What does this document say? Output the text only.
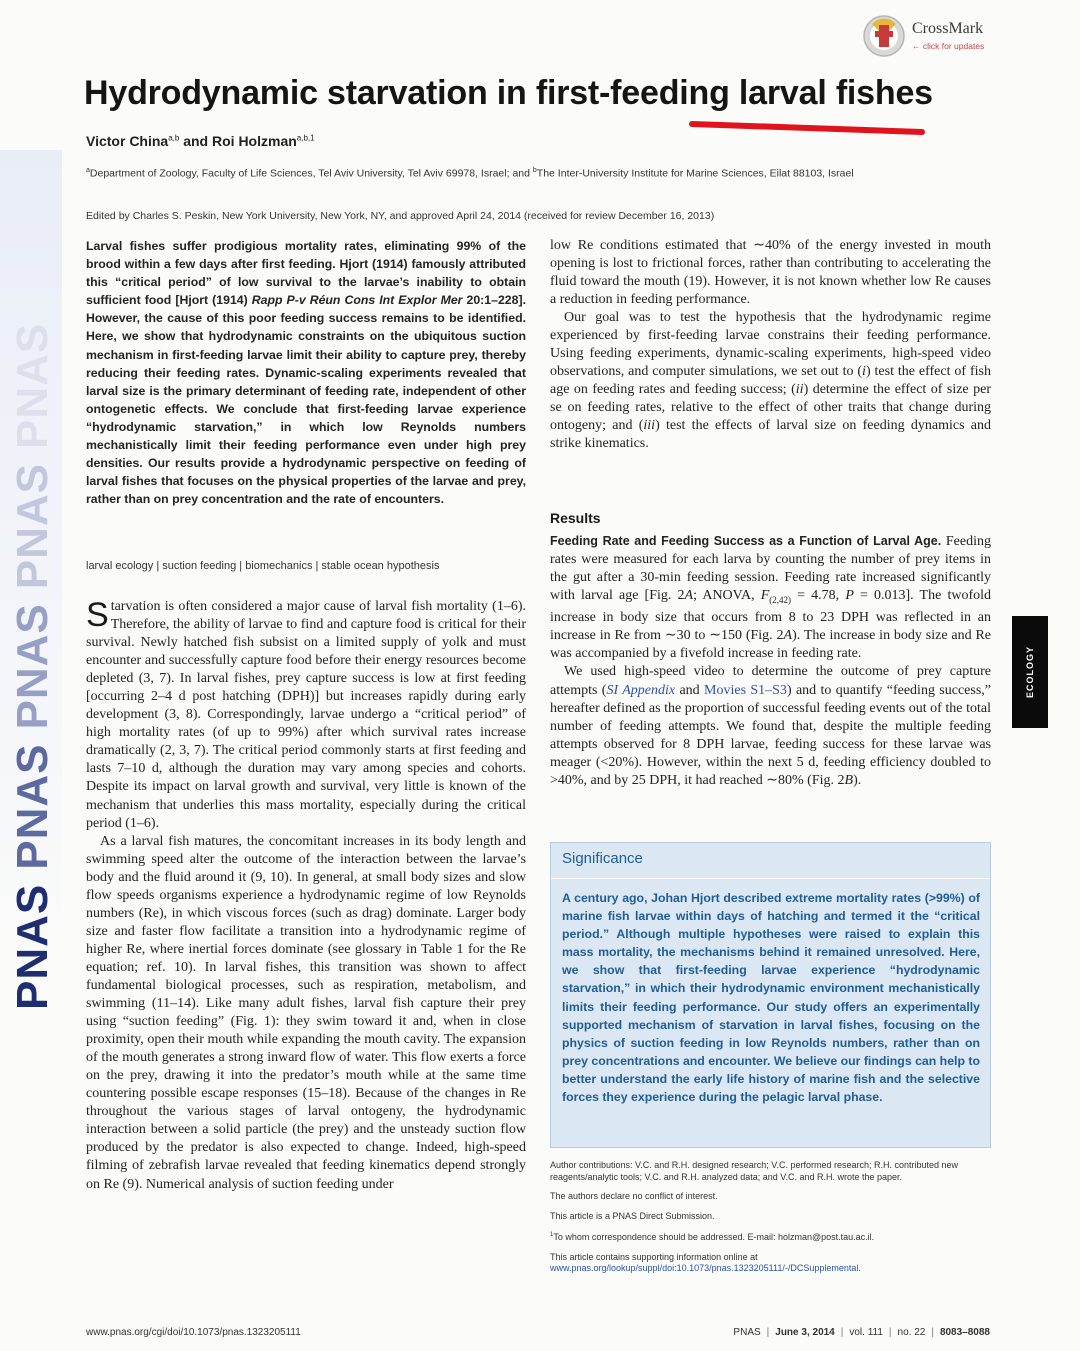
PNASPNASPNASPNASPNAS
CrossMark
← click for updates
Hydrodynamic starvation in first-feeding larval fishes
Victor China$^{a,b}$ and Roi Holzman$^{a,b,1}$
$^a$Department of Zoology, Faculty of Life Sciences, Tel Aviv University, Tel Aviv 69978, Israel; and $^b$The Inter-University Institute for Marine Sciences, Eilat 88103, Israel
Edited by Charles S. Peskin, New York University, New York, NY, and approved April 24, 2014 (received for review December 16, 2013)
Larval fishes suffer prodigious mortality rates, eliminating 99% of the brood within a few days after first feeding. Hjort (1914) famously attributed this “critical period” of low survival to the larvae’s inability to obtain sufficient food [Hjort (1914) Rapp P-v Réun Cons Int Explor Mer 20:1–228]. However, the cause of this poor feeding success remains to be identified. Here, we show that hydrodynamic constraints on the ubiquitous suction mechanism in first-feeding larvae limit their ability to capture prey, thereby reducing their feeding rates. Dynamic-scaling experiments revealed that larval size is the primary determinant of feeding rate, independent of other ontogenetic effects. We conclude that first-feeding larvae experience “hydrodynamic starvation,” in which low Reynolds numbers mechanistically limit their feeding performance even under high prey densities. Our results provide a hydrodynamic perspective on feeding of larval fishes that focuses on the physical properties of the larvae and prey, rather than on prey concentration and the rate of encounters.
larval ecology | suction feeding | biomechanics | stable ocean hypothesis

Starvation is often considered a major cause of larval fish mortality (1–6). Therefore, the ability of larvae to find and capture food is critical for their survival. Newly hatched fish subsist on a limited supply of yolk and must encounter and successfully capture food before their energy resources become depleted (3, 7). In larval fishes, prey capture success is low at first feeding [occurring 2–4 d post hatching (DPH)] but increases rapidly during early development (3, 8). Correspondingly, larvae undergo a “critical period” of high mortality rates (of up to 99%) after which survival rates increase dramatically (2, 3, 7). The critical period commonly starts at first feeding and lasts 7–10 d, although the duration may vary among species and cohorts. Despite its impact on larval growth and survival, very little is known of the mechanism that underlies this mass mortality, especially during the critical period (1–6).

As a larval fish matures, the concomitant increases in its body length and swimming speed alter the outcome of the interaction between the larvae’s body and the fluid around it (9, 10). In general, at small body sizes and slow flow speeds organisms experience a hydrodynamic regime of low Reynolds numbers (Re), in which viscous forces (such as drag) dominate. Larger body size and faster flow facilitate a transition into a hydrodynamic regime of higher Re, where inertial forces dominate (see glossary in Table 1 for the Re equation; ref. 10). In larval fishes, this transition was shown to affect fundamental biological processes, such as respiration, metabolism, and swimming (11–14). Like many adult fishes, larval fish capture their prey using “suction feeding” (Fig. 1): they swim toward it and, when in close proximity, open their mouth while expanding the mouth cavity. The expansion of the mouth generates a strong inward flow of water. This flow exerts a force on the prey, drawing it into the predator’s mouth while at the same time countering possible escape responses (15–18). Because of the changes in Re throughout the various stages of larval ontogeny, the hydrodynamic interaction between a solid particle (the prey) and the unsteady suction flow produced by the predator is also expected to change. Indeed, high-speed filming of zebrafish larvae revealed that feeding kinematics depend strongly on Re (9). Numerical analysis of suction feeding under

low Re conditions estimated that ∼40% of the energy invested in mouth opening is lost to frictional forces, rather than contributing to accelerating the fluid toward the mouth (19). However, it is not known whether low Re causes a reduction in feeding performance.

Our goal was to test the hypothesis that the hydrodynamic regime experienced by first-feeding larvae constrains their feeding performance. Using feeding experiments, dynamic-scaling experiments, high-speed video observations, and computer simulations, we set out to (i) test the effect of fish age on feeding rates and feeding success; (ii) determine the effect of size per se on feeding rates, relative to the effect of other traits that change during ontogeny; and (iii) test the effects of larval size on feeding dynamics and strike kinematics.

Results

Feeding Rate and Feeding Success as a Function of Larval Age. Feeding rates were measured for each larva by counting the number of prey items in the gut after a 30-min feeding session. Feeding rate increased significantly with larval age [Fig. 2A; ANOVA, $F_{(2,42)} = 4.78$, P = 0.013]. The twofold increase in body size that occurs from 8 to 23 DPH was reflected in an increase in Re from ∼30 to ∼150 (Fig. 2A). The increase in body size and Re was accompanied by a fivefold increase in feeding rate.

We used high-speed video to determine the outcome of prey capture attempts (SI Appendix and Movies S1–S3) and to quantify “feeding success,” hereafter defined as the proportion of successful feeding events out of the total number of feeding attempts. We found that, despite the multiple feeding attempts observed for 8 DPH larvae, feeding success for these larvae was meager (<20%). However, within the next 5 d, feeding efficiency doubled to >40%, and by 25 DPH, it had reached ∼80% (Fig. 2B).

Significance
A century ago, Johan Hjort described extreme mortality rates (>99%) of marine fish larvae within days of hatching and termed it the “critical period.” Although multiple hypotheses were raised to explain this mass mortality, the mechanisms behind it remained unresolved. Here, we show that first-feeding larvae experience “hydrodynamic starvation,” in which their hydrodynamic environment mechanistically limits their feeding performance. Our study offers an experimentally supported mechanism of starvation in larval fishes, focusing on the physics of suction feeding in low Reynolds numbers, rather than on prey concentrations and encounter. We believe our findings can help to better understand the early life history of marine fish and the selective forces they experience during the pelagic larval phase.

Author contributions: V.C. and R.H. designed research; V.C. performed research; R.H. contributed new reagents/analytic tools; V.C. and R.H. analyzed data; and V.C. and R.H. wrote the paper.

The authors declare no conflict of interest.

This article is a PNAS Direct Submission.

$^1$To whom correspondence should be addressed. E-mail: holzman@post.tau.ac.il.

This article contains supporting information online at www.pnas.org/lookup/suppl/doi:10.1073/pnas.1323205111/-/DCSupplemental.

ECOLOGY
www.pnas.org/cgi/doi/10.1073/pnas.1323205111	PNAS | June 3, 2014 | vol. 111 | no. 22 | 8083–8088
